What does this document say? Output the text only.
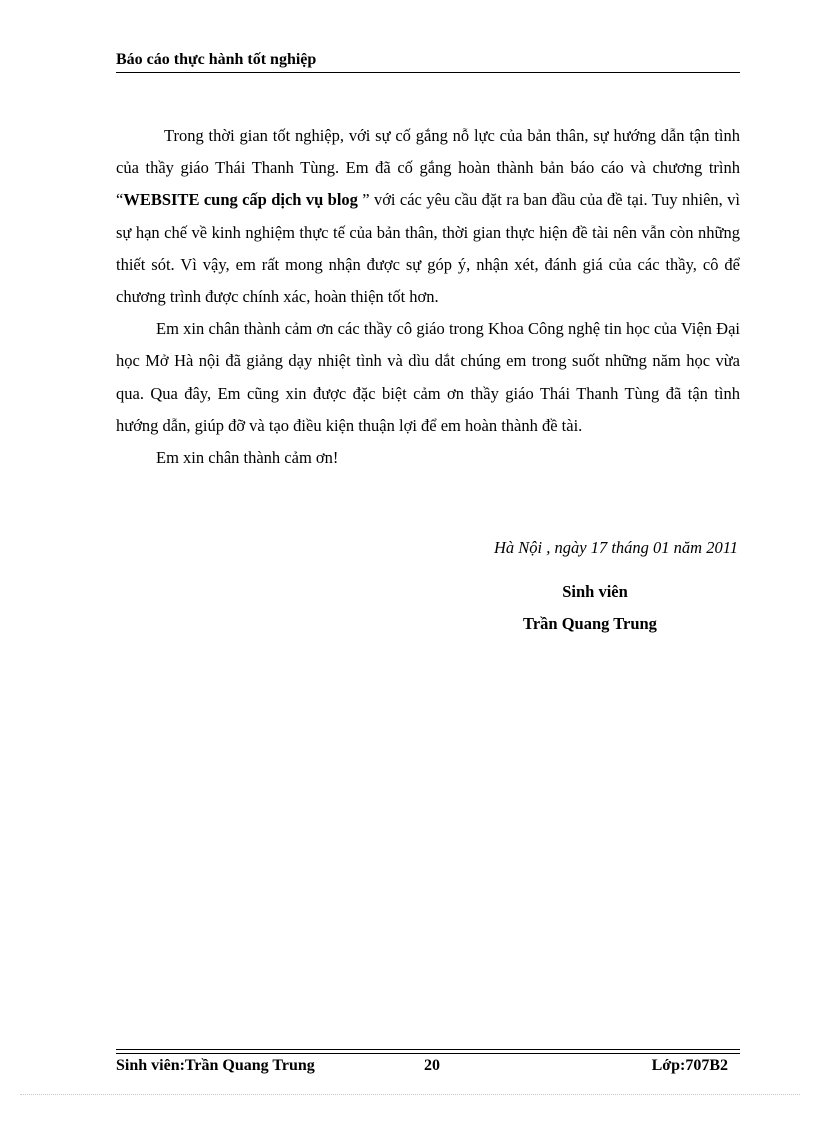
Báo cáo thực hành tốt nghiệp

Trong thời gian tốt nghiệp, với sự cố gắng nỗ lực của bản thân, sự hướng dẫn tận tình của thầy giáo Thái Thanh Tùng. Em đã cố gắng hoàn thành bản báo cáo và chương trình “WEBSITE cung cấp dịch vụ blog ” với các yêu cầu đặt ra ban đầu của đề tại. Tuy nhiên, vì sự hạn chế về kinh nghiệm thực tế của bản thân, thời gian thực hiện đề tài nên vẫn còn những thiết sót. Vì vậy, em rất mong nhận được sự góp ý, nhận xét, đánh giá của các thầy, cô để chương trình được chính xác, hoàn thiện tốt hơn.

Em xin chân thành cảm ơn các thầy cô giáo trong Khoa Công nghệ tin học của Viện Đại học Mở Hà nội đã giảng dạy nhiệt tình và dìu dắt chúng em trong suốt những năm học vừa qua. Qua đây, Em cũng xin được đặc biệt cảm ơn thầy giáo Thái Thanh Tùng đã tận tình hướng dẫn, giúp đỡ và tạo điều kiện thuận lợi để em hoàn thành đề tài.

Em xin chân thành cảm ơn!

Hà Nội , ngày 17 tháng 01 năm 2011
Sinh viên
Trần Quang Trung
Sinh viên:Trần Quang Trung	20	Lớp:707B2
